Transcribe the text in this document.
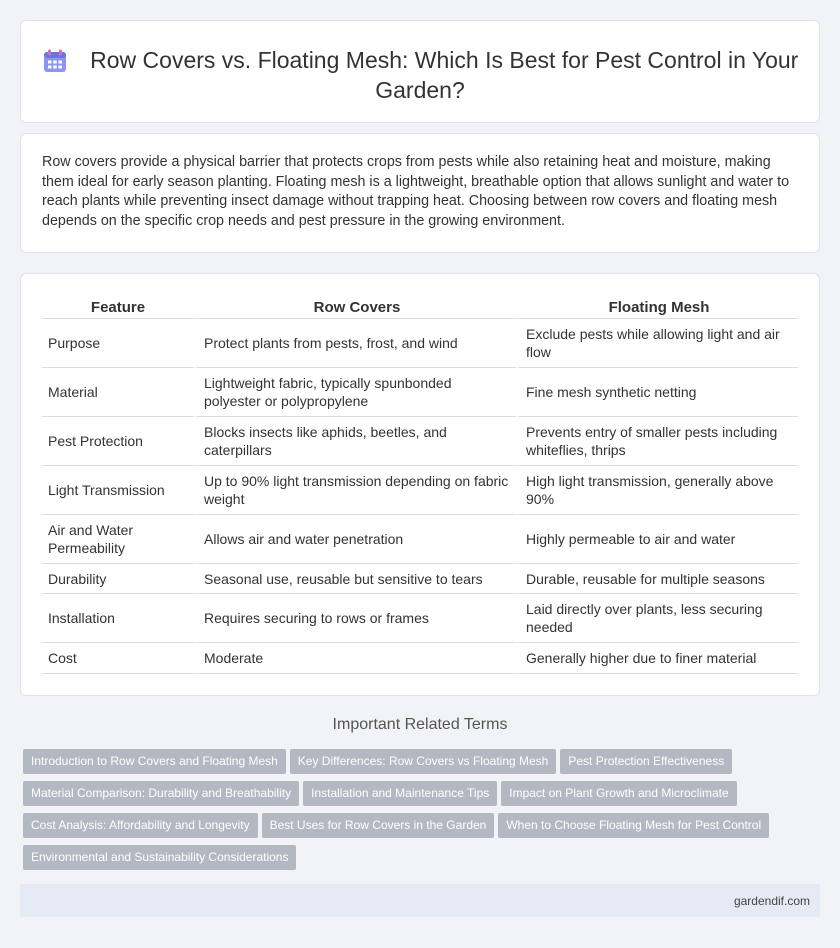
Row Covers vs. Floating Mesh: Which Is Best for Pest Control in Your Garden?

Row covers provide a physical barrier that protects crops from pests while also retaining heat and moisture, making them ideal for early season planting. Floating mesh is a lightweight, breathable option that allows sunlight and water to reach plants while preventing insect damage without trapping heat. Choosing between row covers and floating mesh depends on the specific crop needs and pest pressure in the growing environment.

Feature	Row Covers	Floating Mesh
Purpose	Protect plants from pests, frost, and wind	Exclude pests while allowing light and air flow
Material	Lightweight fabric, typically spunbonded polyester or polypropylene	Fine mesh synthetic netting
Pest Protection	Blocks insects like aphids, beetles, and caterpillars	Prevents entry of smaller pests including whiteflies, thrips
Light Transmission	Up to 90% light transmission depending on fabric weight	High light transmission, generally above 90%
Air and Water Permeability	Allows air and water penetration	Highly permeable to air and water
Durability	Seasonal use, reusable but sensitive to tears	Durable, reusable for multiple seasons
Installation	Requires securing to rows or frames	Laid directly over plants, less securing needed
Cost	Moderate	Generally higher due to finer material
Important Related Terms
Introduction to Row Covers and Floating Mesh Key Differences: Row Covers vs Floating Mesh Pest Protection Effectiveness
Material Comparison: Durability and Breathability Installation and Maintenance Tips Impact on Plant Growth and Microclimate
Cost Analysis: Affordability and Longevity Best Uses for Row Covers in the Garden When to Choose Floating Mesh for Pest Control
Environmental and Sustainability Considerations
gardendif.com
